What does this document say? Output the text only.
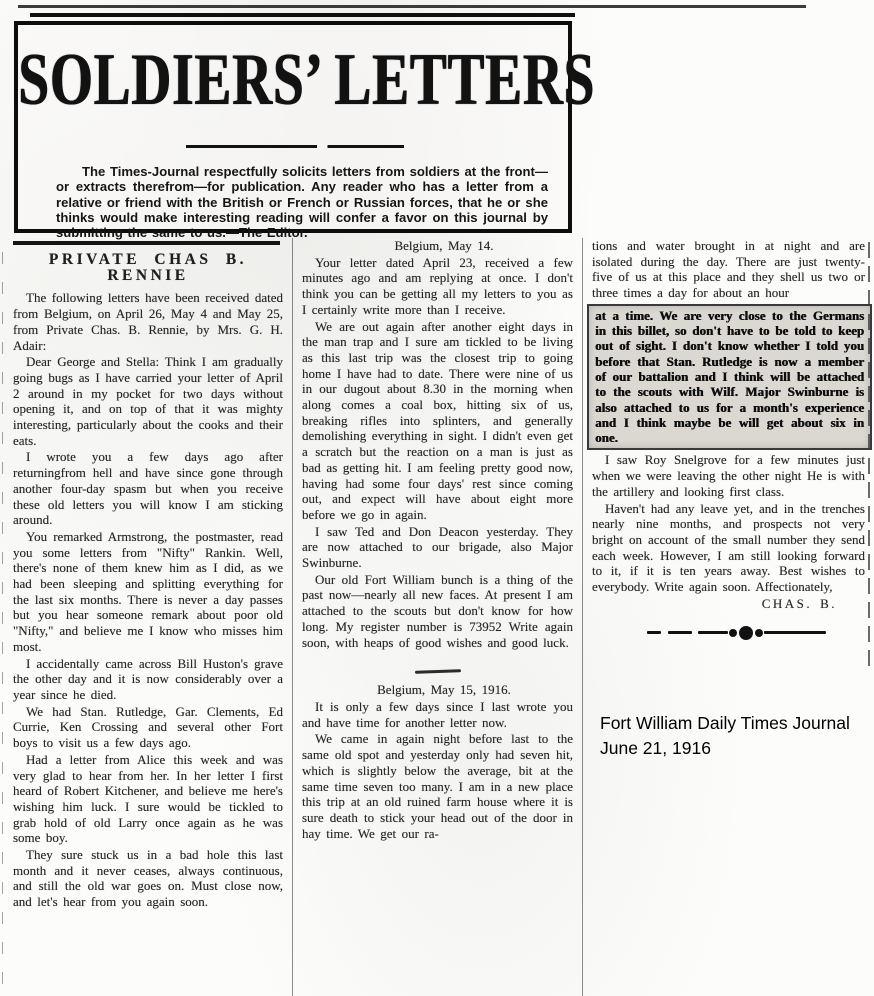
SOLDIERS’ LETTERS
The Times-Journal respectfully solicits letters from soldiers at the front—or extracts therefrom—for publication. Any reader who has a letter from a relative or friend with the British or French or Russian forces, that he or she thinks would make interesting reading will confer a favor on this journal by submitting the same to us.—The Editor.
PRIVATE CHAS B. RENNIE

The following letters have been received dated from Belgium, on April 26, May 4 and May 25, from Private Chas. B. Rennie, by Mrs. G. H. Adair:

Dear George and Stella: Think I am gradually going bugs as I have carried your letter of April 2 around in my pocket for two days without opening it, and on top of that it was mighty interesting, particularly about the cooks and their eats.

I wrote you a few days ago after returningfrom hell and have since gone through another four-day spasm but when you receive these old letters you will know I am sticking around.

You remarked Armstrong, the postmaster, read you some letters from "Nifty" Rankin. Well, there's none of them knew him as I did, as we had been sleeping and splitting everything for the last six months. There is never a day passes but you hear someone remark about poor old "Nifty," and believe me I know who misses him most.

I accidentally came across Bill Huston's grave the other day and it is now considerably over a year since he died.

We had Stan. Rutledge, Gar. Clements, Ed Currie, Ken Crossing and several other Fort boys to visit us a few days ago.

Had a letter from Alice this week and was very glad to hear from her. In her letter I first heard of Robert Kitchener, and believe me here's wishing him luck. I sure would be tickled to grab hold of old Larry once again as he was some boy.

They sure stuck us in a bad hole this last month and it never ceases, always continuous, and still the old war goes on. Must close now, and let's hear from you again soon.

Belgium, May 14.

Your letter dated April 23, received a few minutes ago and am replying at once. I don't think you can be getting all my letters to you as I certainly write more than I receive.

We are out again after another eight days in the man trap and I sure am tickled to be living as this last trip was the closest trip to going home I have had to date. There were nine of us in our dugout about 8.30 in the morning when along comes a coal box, hitting six of us, breaking rifles into splinters, and generally demolishing everything in sight. I didn't even get a scratch but the reaction on a man is just as bad as getting hit. I am feeling pretty good now, having had some four days' rest since coming out, and expect will have about eight more before we go in again.

I saw Ted and Don Deacon yesterday. They are now attached to our brigade, also Major Swinburne.

Our old Fort William bunch is a thing of the past now—nearly all new faces. At present I am attached to the scouts but don't know for how long. My register number is 73952 Write again soon, with heaps of good wishes and good luck.

Belgium, May 15, 1916.

It is only a few days since I last wrote you and have time for another letter now.

We came in again night before last to the same old spot and yesterday only had seven hit, which is slightly below the average, bit at the same time seven too many. I am in a new place this trip at an old ruined farm house where it is sure death to stick your head out of the door in hay time. We get our ra-

tions and water brought in at night and are isolated during the day. There are just twenty-five of us at this place and they shell us two or three times a day for about an hour

at a time. We are very close to the Germans in this billet, so don't have to be told to keep out of sight. I don't know whether I told you before that Stan. Rutledge is now a member of our battalion and I think will be attached to the scouts with Wilf. Major Swinburne is also attached to us for a month's experience and I think maybe be will get about six in one.

I saw Roy Snelgrove for a few minutes just when we were leaving the other night He is with the artillery and looking first class.

Haven't had any leave yet, and in the trenches nearly nine months, and prospects not very bright on account of the small number they send each week. However, I am still looking forward to it, if it is ten years away. Best wishes to everybody. Write again soon. Affectionately,

CHAS. B.

Fort William Daily Times Journal
June 21, 1916
